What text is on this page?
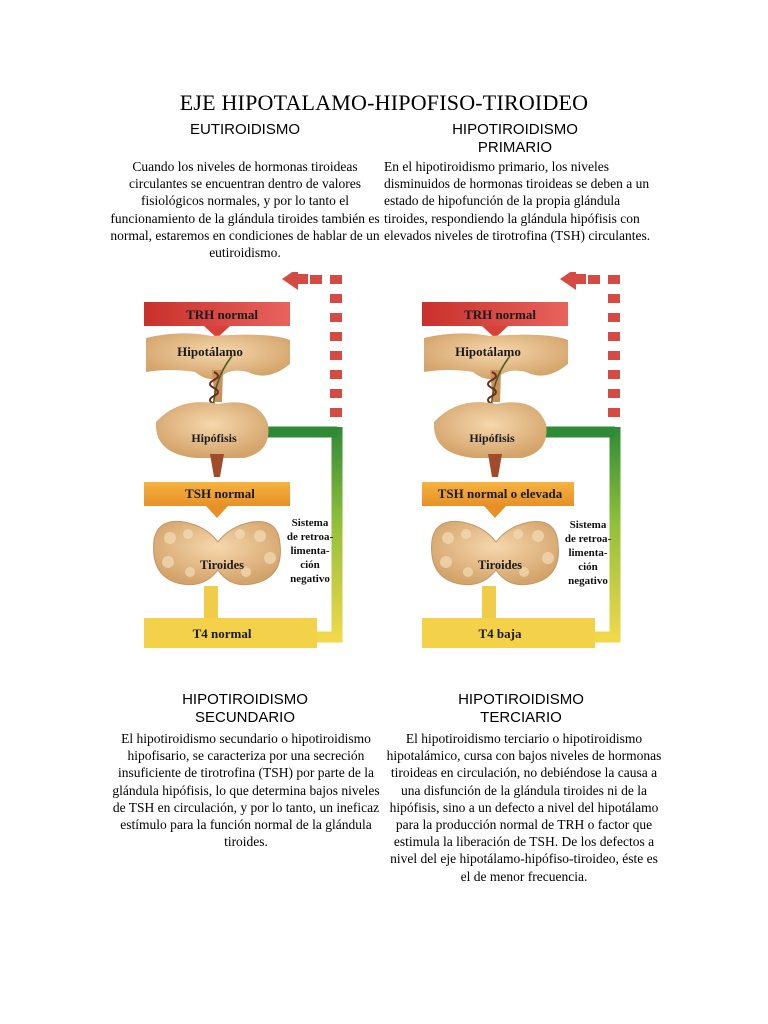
EJE HIPOTALAMO-HIPOFISO-TIROIDEO
EUTIROIDISMO	HIPOTIROIDISMO
PRIMARIO
Cuando los niveles de hormonas tiroideas circulantes se encuentran dentro de valores fisiológicos normales, y por lo tanto el funcionamiento de la glándula tiroides también es normal, estaremos en condiciones de hablar de un eutiroidismo.
En el hipotiroidismo primario, los niveles disminuidos de hormonas tiroideas se deben a un estado de hipofunción de la propia glándula tiroides, respondiendo la glándula hipófisis con elevados niveles de tirotrofina (TSH) circulantes.
TRH normal
Hipotálamo
Hipófisis
TSH normal
Tiroides
T4 normal
Sistema
de retroa-
limenta-
ción
negativo
TRH normal
Hipotálamo
Hipófisis
TSH normal o elevada
Tiroides
T4 baja
Sistema
de retroa-
limenta-
ción
negativo
HIPOTIROIDISMO
SECUNDARIO
HIPOTIROIDISMO
TERCIARIO
El hipotiroidismo secundario o hipotiroidismo hipofisario, se caracteriza por una secreción insuficiente de tirotrofina (TSH) por parte de la glándula hipófisis, lo que determina bajos niveles de TSH en circulación, y por lo tanto, un ineficaz estímulo para la función normal de la glándula tiroides.
El hipotiroidismo terciario o hipotiroidismo hipotalámico, cursa con bajos niveles de hormonas tiroideas en circulación, no debiéndose la causa a una disfunción de la glándula tiroides ni de la hipófisis, sino a un defecto a nivel del hipotálamo para la producción normal de TRH o factor que estimula la liberación de TSH. De los defectos a nivel del eje hipotálamo-hipófiso-tiroideo, éste es el de menor frecuencia.
